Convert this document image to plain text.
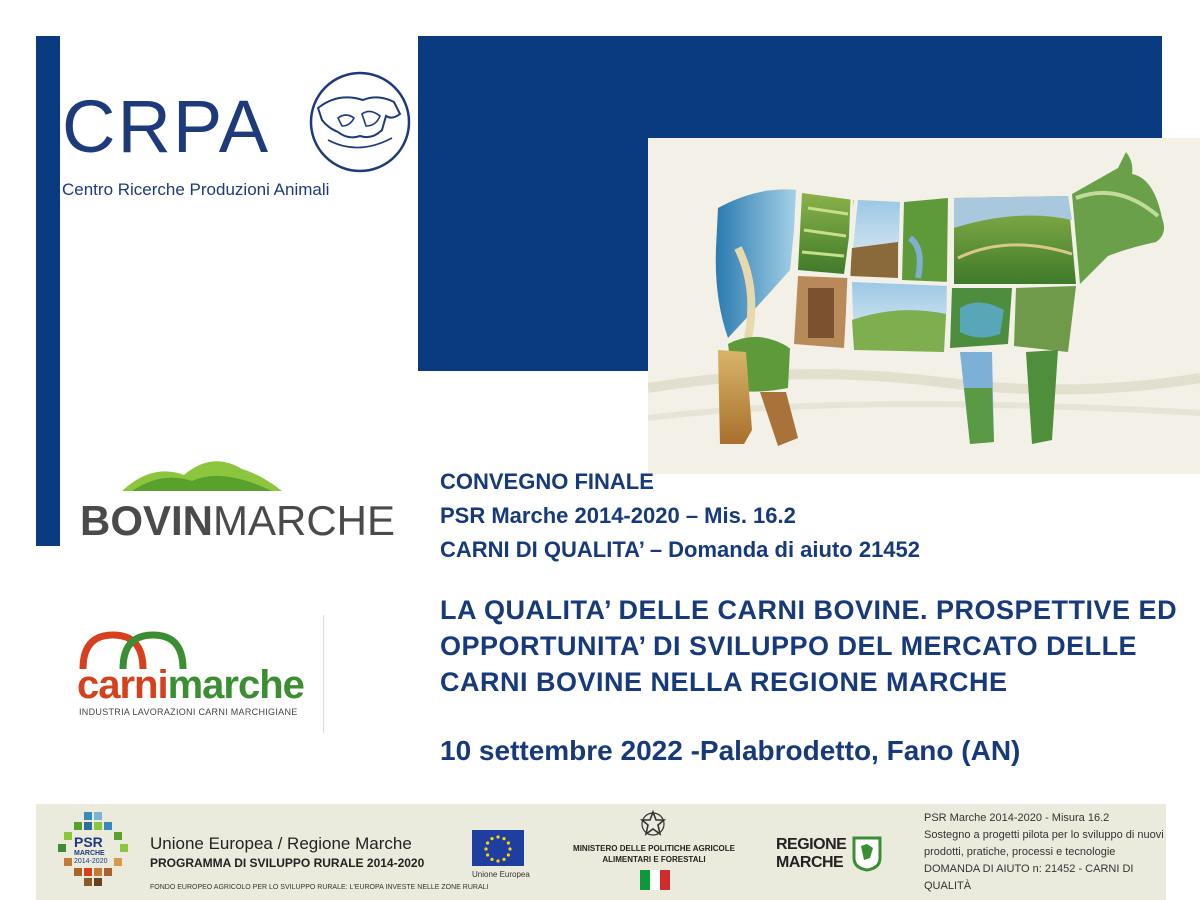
CRPA
Centro Ricerche Produzioni Animali
BOVINMARCHE
carnimarche
INDUSTRIA LAVORAZIONI CARNI MARCHIGIANE
CONVEGNO FINALE
PSR Marche 2014-2020 – Mis. 16.2
CARNI DI QUALITA’ – Domanda di aiuto 21452
LA QUALITA’ DELLE CARNI BOVINE. PROSPETTIVE ED
OPPORTUNITA’ DI SVILUPPO DEL MERCATO DELLE
CARNI BOVINE NELLA REGIONE MARCHE
10 settembre 2022 -Palabrodetto, Fano (AN)
PSR
MARCHE
2014-2020
Unione Europea / Regione Marche
PROGRAMMA DI SVILUPPO RURALE 2014-2020
FONDO EUROPEO AGRICOLO PER LO SVILUPPO RURALE: L'EUROPA INVESTE NELLE ZONE RURALI
Unione Europea
MINISTERO DELLE POLITICHE AGRICOLE
ALIMENTARI E FORESTALI
REGIONE
MARCHE
PSR Marche 2014-2020 - Misura 16.2
Sostegno a progetti pilota per lo sviluppo di nuovi
prodotti, pratiche, processi e tecnologie
DOMANDA DI AIUTO n: 21452 - CARNI DI QUALITÀ
